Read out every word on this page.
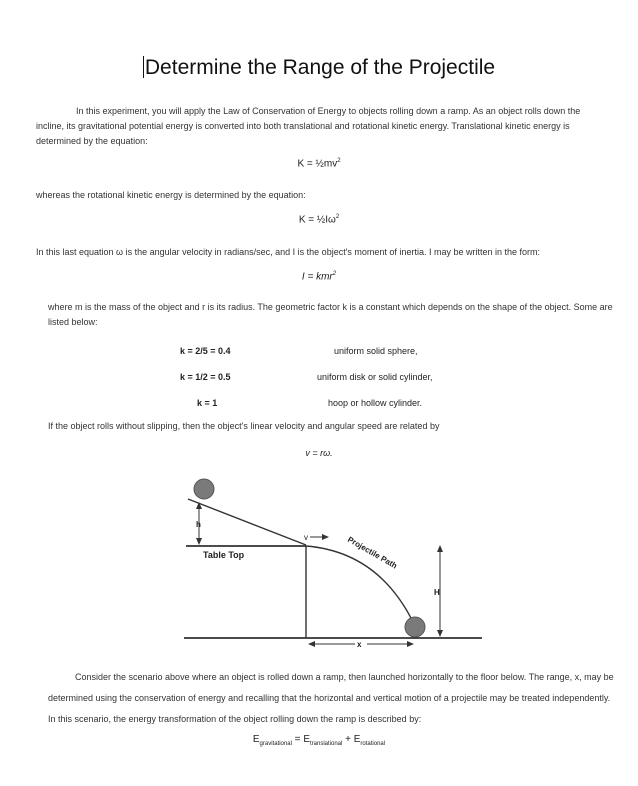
Determine the Range of the Projectile
In this experiment, you will apply the Law of Conservation of Energy to objects rolling down a ramp. As an object rolls down the incline, its gravitational potential energy is converted into both translational and rotational kinetic energy. Translational kinetic energy is determined by the equation:
$K = \frac{1}{2}mv^2$
whereas the rotational kinetic energy is determined by the equation:
$K = \frac{1}{2}I\omega^2$
In this last equation ω is the angular velocity in radians/sec, and I is the object's moment of inertia. I may be written in the form:
I = kmr$^2$
where m is the mass of the object and r is its radius. The geometric factor k is a constant which depends on the shape of the object. Some are listed below:
k = 2/5 = 0.4	uniform solid sphere,
k = 1/2 = 0.5	uniform disk or solid cylinder,
k = 1	hoop or hollow cylinder.
If the object rolls without slipping, then the object's linear velocity and angular speed are related by
v = rω.
h
Table Top
v	Projectile Path
H
x
Consider the scenario above where an object is rolled down a ramp, then launched horizontally to the floor below. The range, x, may be determined using the conservation of energy and recalling that the horizontal and vertical motion of a projectile may be treated independently. In this scenario, the energy transformation of the object rolling down the ramp is described by:
$E_{gravitational} = E_{translational} + E_{rotational}$
